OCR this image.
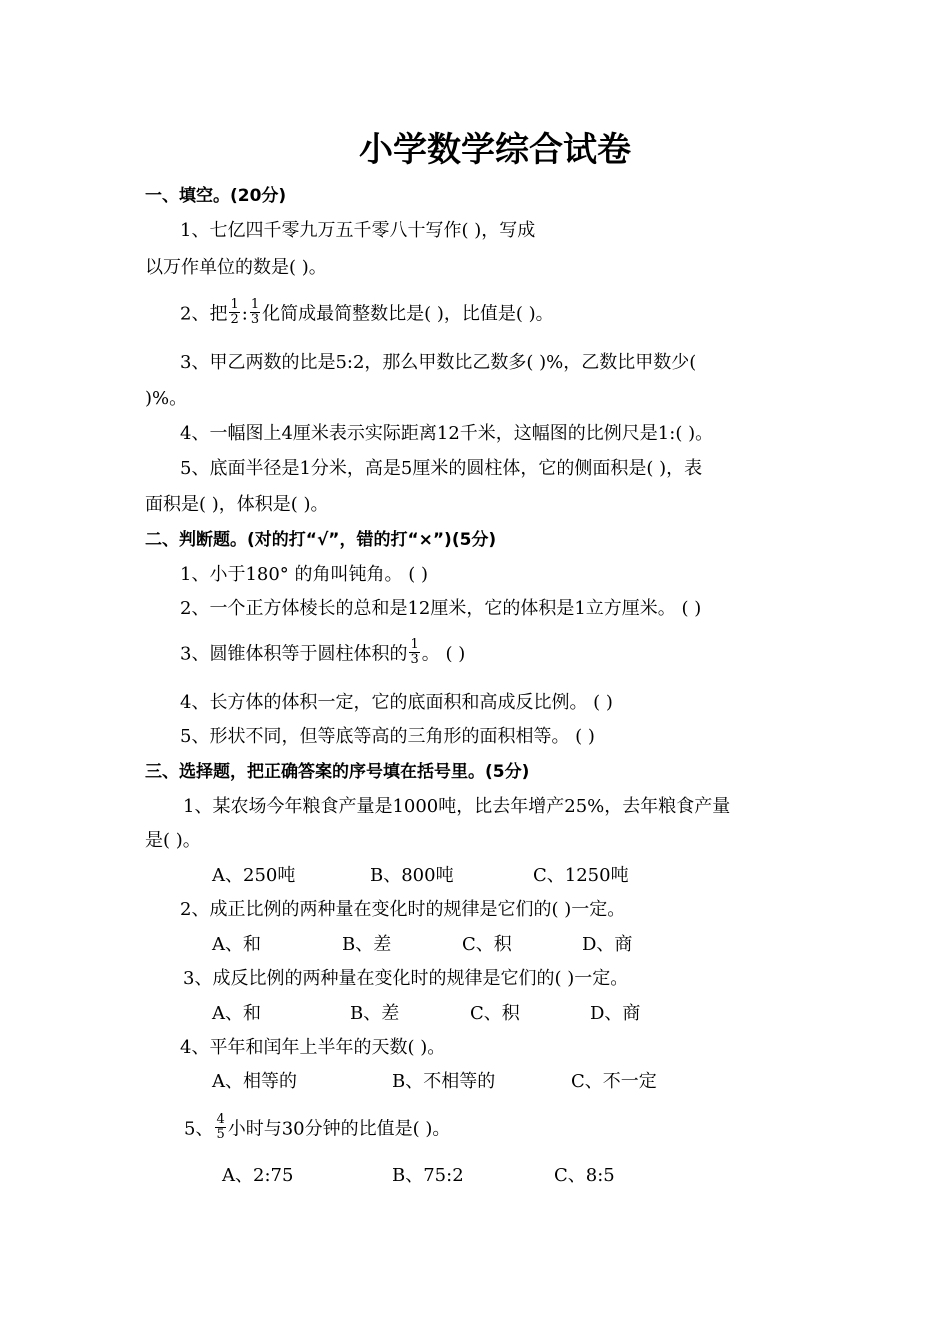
小学数学综合试卷
一、填空。(20分)
1、七亿四千零九万五千零八十写作( )，写成
以万作单位的数是( )。
2、把 $\frac{1}{2}$ : $\frac{1}{3}$ 化简成最简整数比是( )，比值是( )。
3、甲乙两数的比是5:2，那么甲数比乙数多( )%，乙数比甲数少(
)%。
4、一幅图上4厘米表示实际距离12千米，这幅图的比例尺是1:( )。
5、底面半径是1分米，高是5厘米的圆柱体，它的侧面积是( )，表
面积是( )，体积是( )。
二、判断题。(对的打“√”，错的打“×”)(5分)
1、小于180° 的角叫钝角。 ( )
2、一个正方体棱长的总和是12厘米，它的体积是1立方厘米。 ( )
3、圆锥体积等于圆柱体积的 $\frac{1}{3}$ 。 ( )
4、长方体的体积一定，它的底面积和高成反比例。 ( )
5、形状不同，但等底等高的三角形的面积相等。 ( )
三、选择题，把正确答案的序号填在括号里。(5分)
1、某农场今年粮食产量是1000吨，比去年增产25%，去年粮食产量
是( )。
A、250吨	B、800吨	C、1250吨
2、成正比例的两种量在变化时的规律是它们的( )一定。
A、和	B、差	C、积	D、商
3、成反比例的两种量在变化时的规律是它们的( )一定。
A、和	B、差	C、积	D、商
4、平年和闰年上半年的天数( )。
A、相等的	B、不相等的	C、不一定
5、 $\frac{4}{5}$ 小时与30分钟的比值是( )。
A、2:75	B、75:2	C、8:5
